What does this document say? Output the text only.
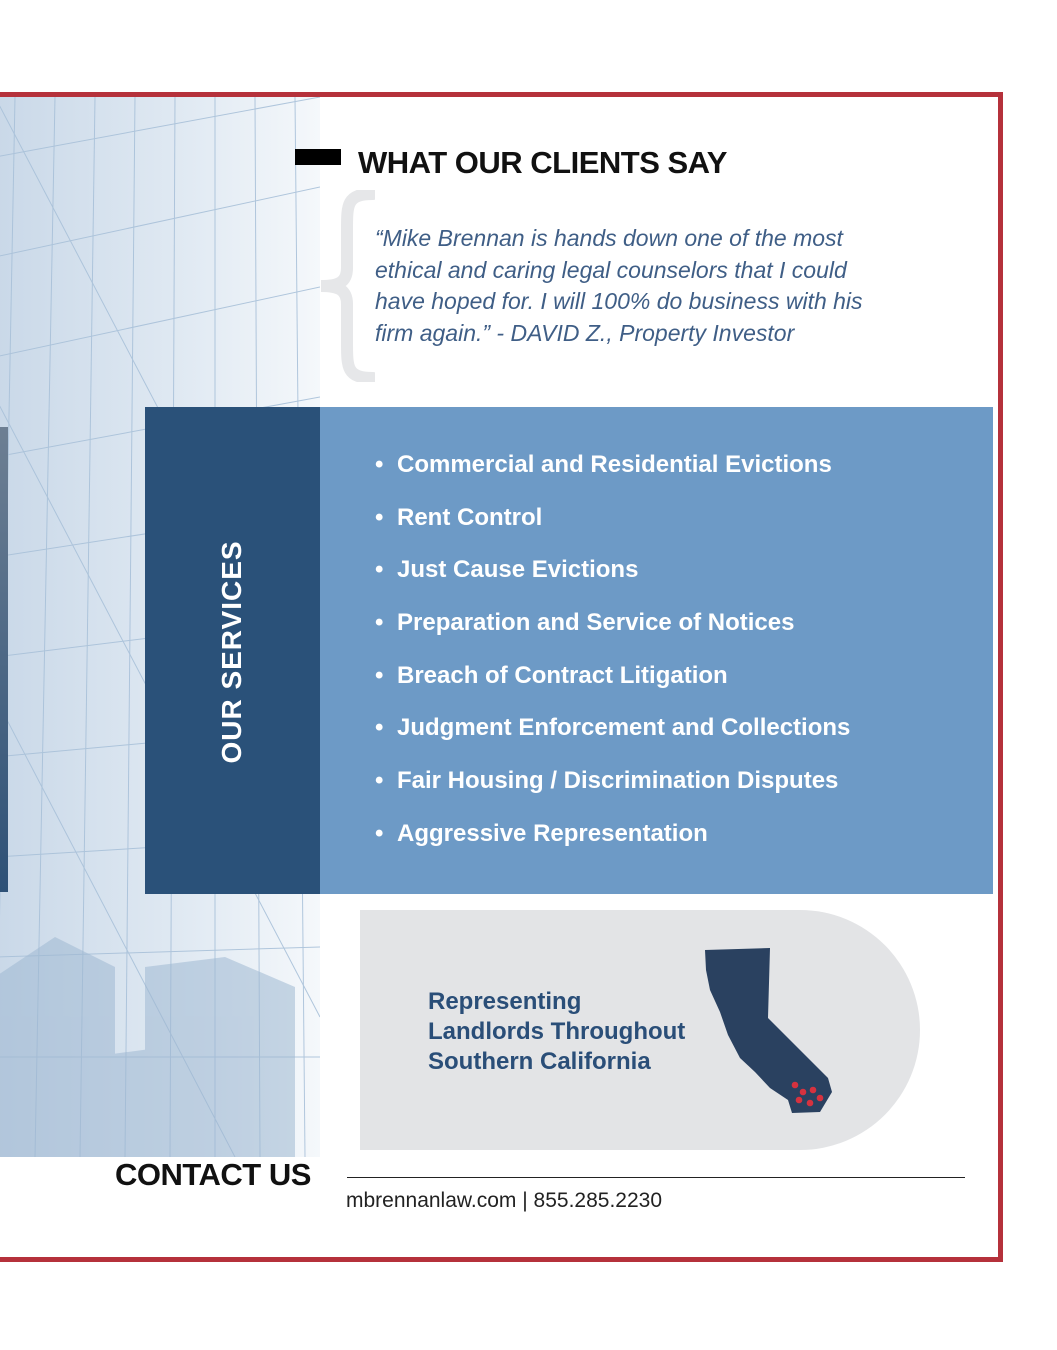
WHAT OUR CLIENTS SAY
“Mike Brennan is hands down one of the most
ethical and caring legal counselors that I could
have hoped for. I will 100% do business with his
firm again.” - DAVID Z., Property Investor
OUR SERVICES
• Commercial and Residential Evictions
• Rent Control
• Just Cause Evictions
• Preparation and Service of Notices
• Breach of Contract Litigation
• Judgment Enforcement and Collections
• Fair Housing / Discrimination Disputes
• Aggressive Representation

Representing
Landlords Throughout
Southern California

CONTACT US
mbrennanlaw.com | 855.285.2230
